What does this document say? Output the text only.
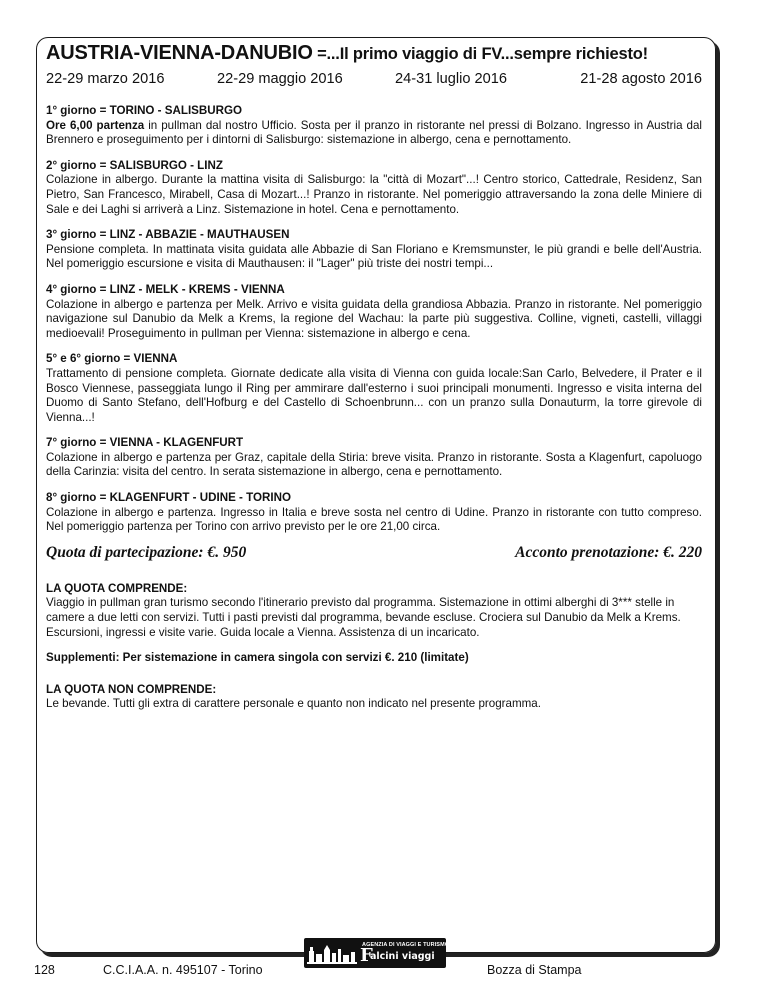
AUSTRIA-VIENNA-DANUBIO =...Il primo viaggio di FV...sempre richiesto!
22-29 marzo 2016	22-29 maggio 2016	24-31 luglio 2016	21-28 agosto 2016
1° giorno = TORINO - SALISBURGO
Ore 6,00 partenza in pullman dal nostro Ufficio. Sosta per il pranzo in ristorante nel pressi di Bolzano. Ingresso in Austria dal Brennero e proseguimento per i dintorni di Salisburgo: sistemazione in albergo, cena e pernottamento.
2° giorno = SALISBURGO - LINZ
Colazione in albergo. Durante la mattina visita di Salisburgo: la "città di Mozart"...! Centro storico, Cattedrale, Residenz, San Pietro, San Francesco, Mirabell, Casa di Mozart...! Pranzo in ristorante. Nel pomeriggio attraversando la zona delle Miniere di Sale e dei Laghi si arriverà a Linz. Sistemazione in hotel. Cena e pernottamento.
3° giorno = LINZ - ABBAZIE - MAUTHAUSEN
Pensione completa. In mattinata visita guidata alle Abbazie di San Floriano e Kremsmunster, le più grandi e belle dell'Austria. Nel pomeriggio escursione e visita di Mauthausen: il "Lager" più triste dei nostri tempi...
4° giorno = LINZ - MELK - KREMS - VIENNA
Colazione in albergo e partenza per Melk. Arrivo e visita guidata della grandiosa Abbazia. Pranzo in ristorante. Nel pomeriggio navigazione sul Danubio da Melk a Krems, la regione del Wachau: la parte più suggestiva. Colline, vigneti, castelli, villaggi medioevali! Proseguimento in pullman per Vienna: sistemazione in albergo e cena.
5° e 6° giorno = VIENNA
Trattamento di pensione completa. Giornate dedicate alla visita di Vienna con guida locale:San Carlo, Belvedere, il Prater e il Bosco Viennese, passeggiata lungo il Ring per ammirare dall'esterno i suoi principali monumenti. Ingresso e visita interna del Duomo di Santo Stefano, dell'Hofburg e del Castello di Schoenbrunn... con un pranzo sulla Donauturm, la torre girevole di Vienna...!
7° giorno = VIENNA - KLAGENFURT
Colazione in albergo e partenza per Graz, capitale della Stiria: breve visita. Pranzo in ristorante. Sosta a Klagenfurt, capoluogo della Carinzia: visita del centro. In serata sistemazione in albergo, cena e pernottamento.
8° giorno = KLAGENFURT - UDINE - TORINO
Colazione in albergo e partenza. Ingresso in Italia e breve sosta nel centro di Udine. Pranzo in ristorante con tutto compreso. Nel pomeriggio partenza per Torino con arrivo previsto per le ore 21,00 circa.
Quota di partecipazione: €. 950	Acconto prenotazione: €. 220
LA QUOTA COMPRENDE:
Viaggio in pullman gran turismo secondo l'itinerario previsto dal programma. Sistemazione in ottimi alberghi di 3*** stelle in camere a due letti con servizi. Tutti i pasti previsti dal programma, bevande escluse. Crociera sul Danubio da Melk a Krems. Escursioni, ingressi e visite varie. Guida locale a Vienna. Assistenza di un incaricato.
Supplementi: Per sistemazione in camera singola con servizi €. 210 (limitate)
LA QUOTA NON COMPRENDE:
Le bevande. Tutti gli extra di carattere personale e quanto non indicato nel presente programma.
AGENZIA DI VIAGGI E TURISMO
F
alcini viaggi
128	C.C.I.A.A. n. 495107 - Torino	Bozza di Stampa
